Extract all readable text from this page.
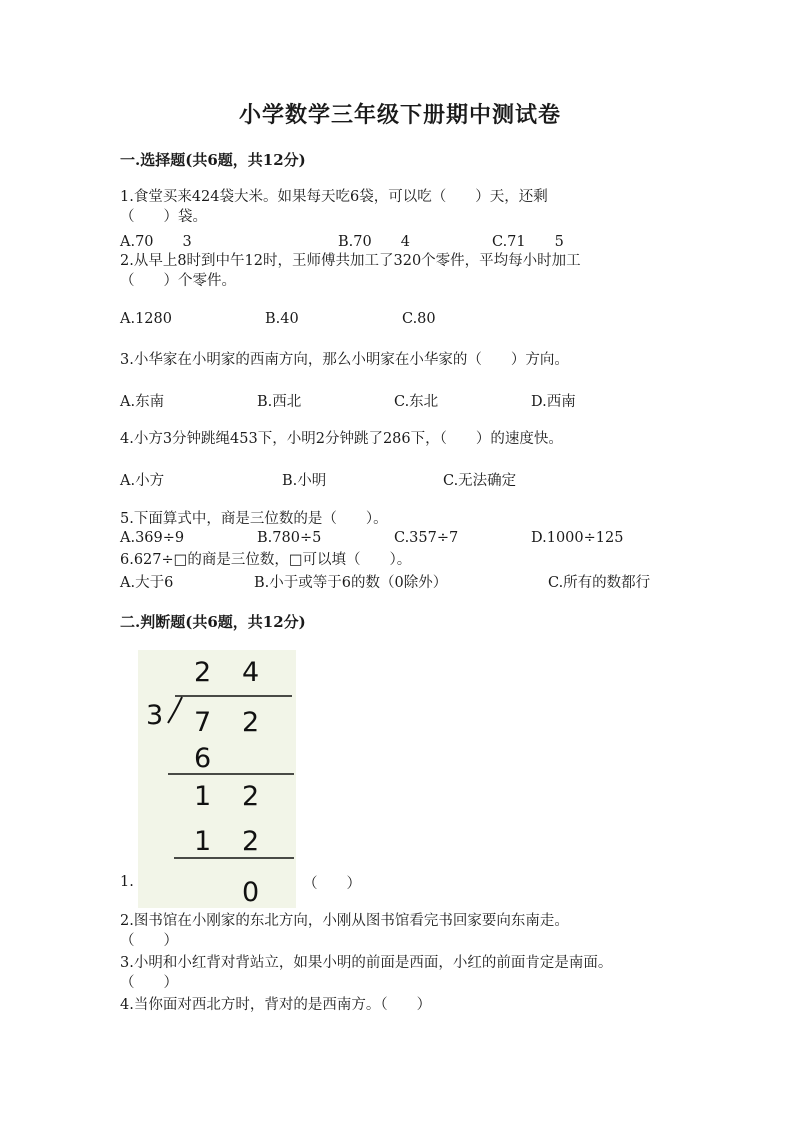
小学数学三年级下册期中测试卷
一.选择题(共6题，共12分)
1.食堂买来424袋大米。如果每天吃6袋，可以吃（　　）天，还剩
（　　）袋。
A.70　　3	B.70　　4	C.71　　5
2.从早上8时到中午12时，王师傅共加工了320个零件，平均每小时加工
（　　）个零件。
A.1280	B.40	C.80
3.小华家在小明家的西南方向，那么小明家在小华家的（　　）方向。
A.东南	B.西北	C.东北	D.西南
4.小方3分钟跳绳453下，小明2分钟跳了286下，（　　）的速度快。
A.小方	B.小明	C.无法确定
5.下面算式中，商是三位数的是（　　）。
A.369÷9	B.780÷5	C.357÷7	D.1000÷125
6.627÷□的商是三位数，□可以填（　　）。
A.大于6	B.小于或等于6的数（0除外）	C.所有的数都行
二.判断题(共6题，共12分)
2 4
3 7 2
6
1 2
1 2
0
1.	（　　）
2.图书馆在小刚家的东北方向，小刚从图书馆看完书回家要向东南走。
（　　）
3.小明和小红背对背站立，如果小明的前面是西面，小红的前面肯定是南面。
（　　）
4.当你面对西北方时，背对的是西南方。（　　）
